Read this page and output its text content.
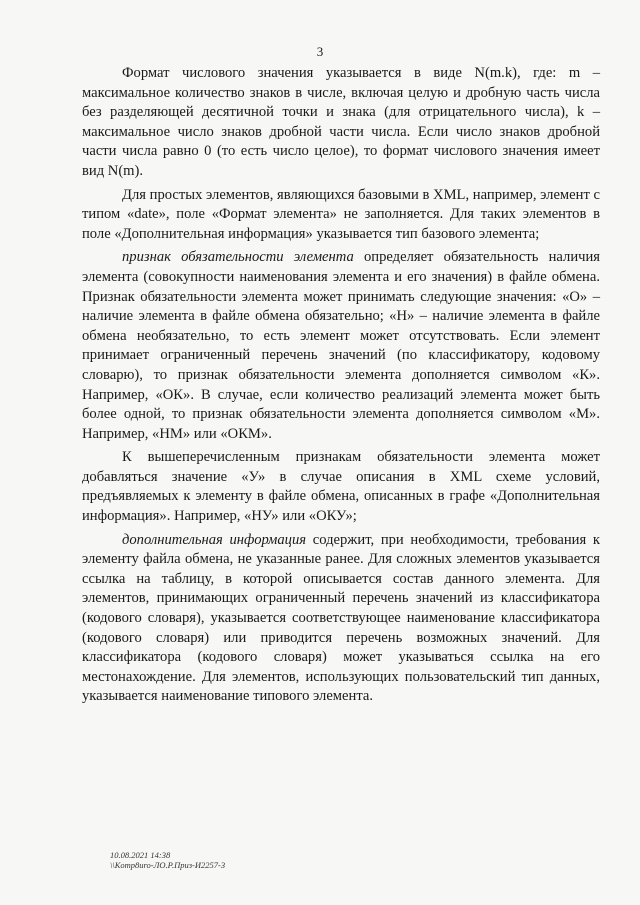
3

Формат числового значения указывается в виде N(m.k), где: m – максимальное количество знаков в числе, включая целую и дробную часть числа без разделяющей десятичной точки и знака (для отрицательного числа), k – максимальное число знаков дробной части числа. Если число знаков дробной части числа равно 0 (то есть число целое), то формат числового значения имеет вид N(m).

Для простых элементов, являющихся базовыми в XML, например, элемент с типом «date», поле «Формат элемента» не заполняется. Для таких элементов в поле «Дополнительная информация» указывается тип базового элемента;

признак обязательности элемента определяет обязательность наличия элемента (совокупности наименования элемента и его значения) в файле обмена. Признак обязательности элемента может принимать следующие значения: «О» – наличие элемента в файле обмена обязательно; «Н» – наличие элемента в файле обмена необязательно, то есть элемент может отсутствовать. Если элемент принимает ограниченный перечень значений (по классификатору, кодовому словарю), то признак обязательности элемента дополняется символом «К». Например, «ОК». В случае, если количество реализаций элемента может быть более одной, то признак обязательности элемента дополняется символом «М». Например, «НМ» или «ОКМ».

К вышеперечисленным признакам обязательности элемента может добавляться значение «У» в случае описания в XML схеме условий, предъявляемых к элементу в файле обмена, описанных в графе «Дополнительная информация». Например, «НУ» или «ОКУ»;

дополнительная информация содержит, при необходимости, требования к элементу файла обмена, не указанные ранее. Для сложных элементов указывается ссылка на таблицу, в которой описывается состав данного элемента. Для элементов, принимающих ограниченный перечень значений из классификатора (кодового словаря), указывается соответствующее наименование классификатора (кодового словаря) или приводится перечень возможных значений. Для классификатора (кодового словаря) может указываться ссылка на его местонахождение. Для элементов, использующих пользовательский тип данных, указывается наименование типового элемента.

10.08.2021 14:38
\\Komp8uro-ЛО.Р.Приз-И2257-3
